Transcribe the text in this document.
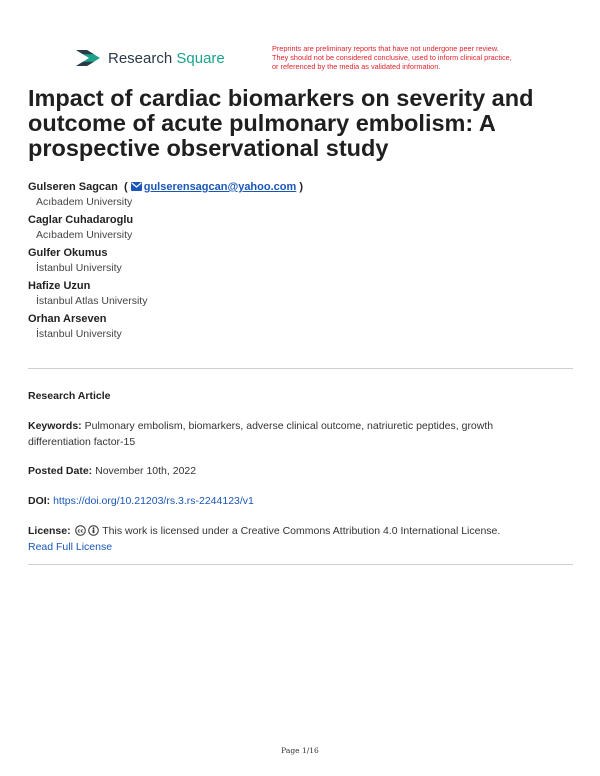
Research Square
Preprints are preliminary reports that have not undergone peer review.
They should not be considered conclusive, used to inform clinical practice,
or referenced by the media as validated information.
Impact of cardiac biomarkers on severity and outcome of acute pulmonary embolism: A prospective observational study
Gulseren Sagcan  ( gulserensagcan@yahoo.com )
Acıbadem University
Caglar Cuhadaroglu
Acıbadem University
Gulfer Okumus
İstanbul University
Hafize Uzun
İstanbul Atlas University
Orhan Arseven
İstanbul University
Research Article
Keywords: Pulmonary embolism, biomarkers, adverse clinical outcome, natriuretic peptides, growth
differentiation factor-15
Posted Date: November 10th, 2022
DOI: https://doi.org/10.21203/rs.3.rs-2244123/v1
License: cc This work is licensed under a Creative Commons Attribution 4.0 International License.
Read Full License
Page 1/16
